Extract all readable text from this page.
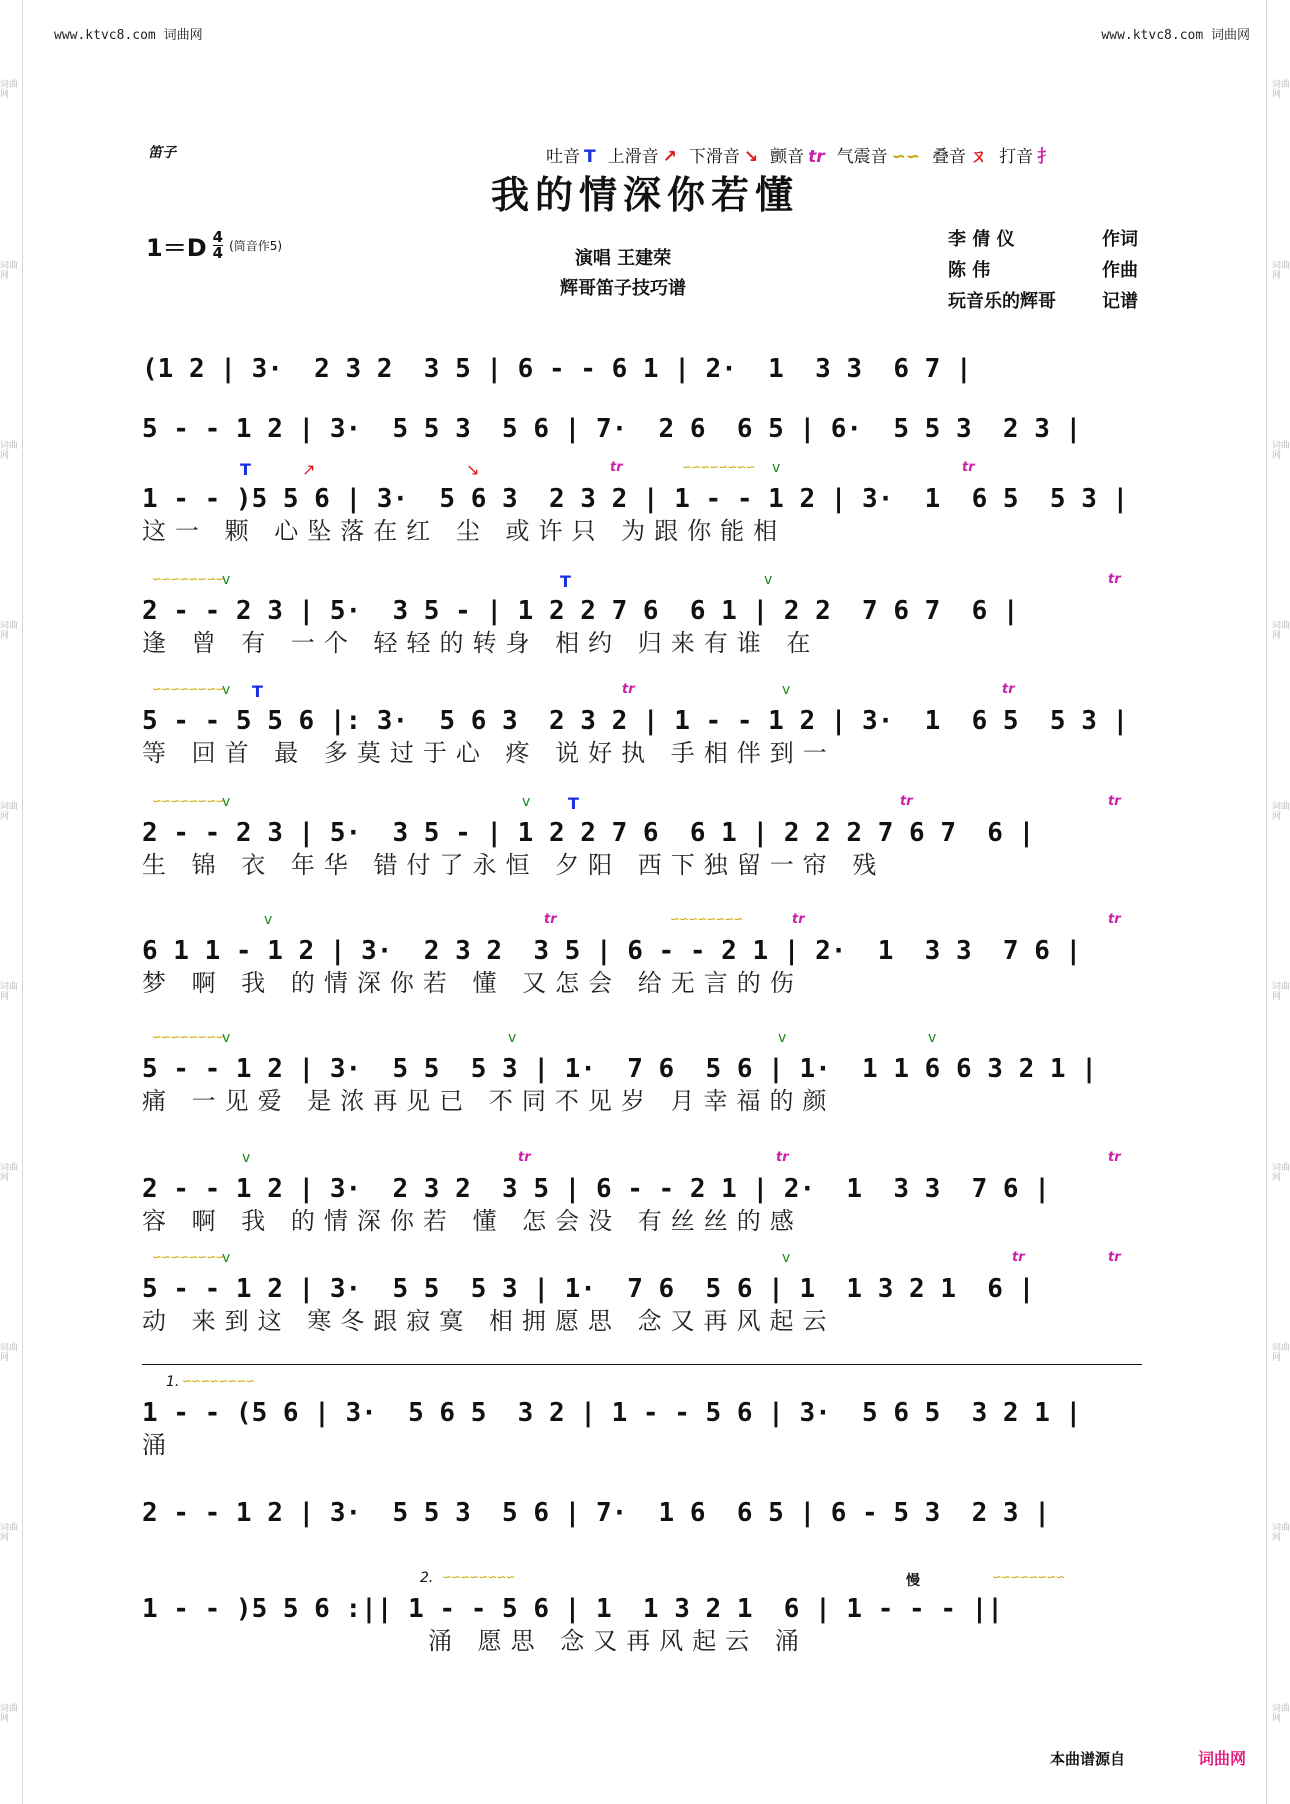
词曲网
词曲网
词曲网
词曲网
词曲网
词曲网
词曲网
词曲网
词曲网
词曲网
词曲网
词曲网
词曲网
词曲网
词曲网
词曲网
词曲网
词曲网
词曲网
词曲网
www.ktvc8.com 词曲网	www.ktvc8.com 词曲网
笛子	吐音 T 上滑音 ↗ 下滑音 ↘ 颤音 tr 气震音 ∽∽ 叠音 ㄡ 打音 扌
我的情深你若懂
$1=D \frac{4}{4}$ (筒音作5)
演唱 王建荣
辉哥笛子技巧谱
李 倩 仪	作词
陈 伟	作曲
玩音乐的辉哥	记谱
(1 2 | 3·  2 3 2  3 5 | 6 - - 6 1 | 2·  1  3 3  6 7 |
5 - - 1 2 | 3·  5 5 3  5 6 | 7·  2 6  6 5 | 6·  5 5 3  2 3 |
T	↗	↘	tr	∽∽∽∽∽∽∽∽ v	tr
1 - - )5 5 6 | 3·  5 6 3  2 3 2 | 1 - - 1 2 | 3·  1  6 5  5 3 |
这一 颗 心坠落在红 尘 或许只 为跟你能相
∽∽∽∽∽∽∽∽
v	T	v	tr
2 - - 2 3 | 5·  3 5 - | 1 2 2 7 6  6 1 | 2 2  7 6 7  6 |
逢 曾 有 一个 轻轻的转身 相约 归来有谁 在
∽∽∽∽∽∽∽∽
v T	tr	v	tr
5 - - 5 5 6 |: 3·  5 6 3  2 3 2 | 1 - - 1 2 | 3·  1  6 5  5 3 |
等 回首 最 多莫过于心 疼 说好执 手相伴到一
∽∽∽∽∽∽∽∽
v	v T	tr	tr
2 - - 2 3 | 5·  3 5 - | 1 2 2 7 6  6 1 | 2 2 2 7 6 7  6 |
生 锦 衣 年华 错付了永恒 夕阳 西下独留一帘 残
v	tr	∽∽∽∽∽∽∽∽	tr	tr
6 1 1 - 1 2 | 3·  2 3 2  3 5 | 6 - - 2 1 | 2·  1  3 3  7 6 |
梦 啊 我 的情深你若 懂 又怎会 给无言的伤
∽∽∽∽∽∽∽∽
v	v	v	v
5 - - 1 2 | 3·  5 5  5 3 | 1·  7 6  5 6 | 1·  1 1 6 6 3 2 1 |
痛 一见爱 是浓再见已 不同不见岁 月幸福的颜
v	tr	tr	tr
2 - - 1 2 | 3·  2 3 2  3 5 | 6 - - 2 1 | 2·  1  3 3  7 6 |
容 啊 我 的情深你若 懂 怎会没 有丝丝的感
∽∽∽∽∽∽∽∽
v	v	tr	tr
5 - - 1 2 | 3·  5 5  5 3 | 1·  7 6  5 6 | 1  1 3 2 1  6 |
动 来到这 寒冬跟寂寞 相拥愿思 念又再风起云
1. ∽∽∽∽∽∽∽∽
1 - - (5 6 | 3·  5 6 5  3 2 | 1 - - 5 6 | 3·  5 6 5  3 2 1 |
涌
2 - - 1 2 | 3·  5 5 3  5 6 | 7·  1 6  6 5 | 6 - 5 3  2 3 |
2. ∽∽∽∽∽∽∽∽	慢	∽∽∽∽∽∽∽∽
1 - - )5 5 6 :|| 1 - - 5 6 | 1  1 3 2 1  6 | 1 - - - ||
涌 愿思 念又再风起云 涌
本曲谱源自	词曲网
